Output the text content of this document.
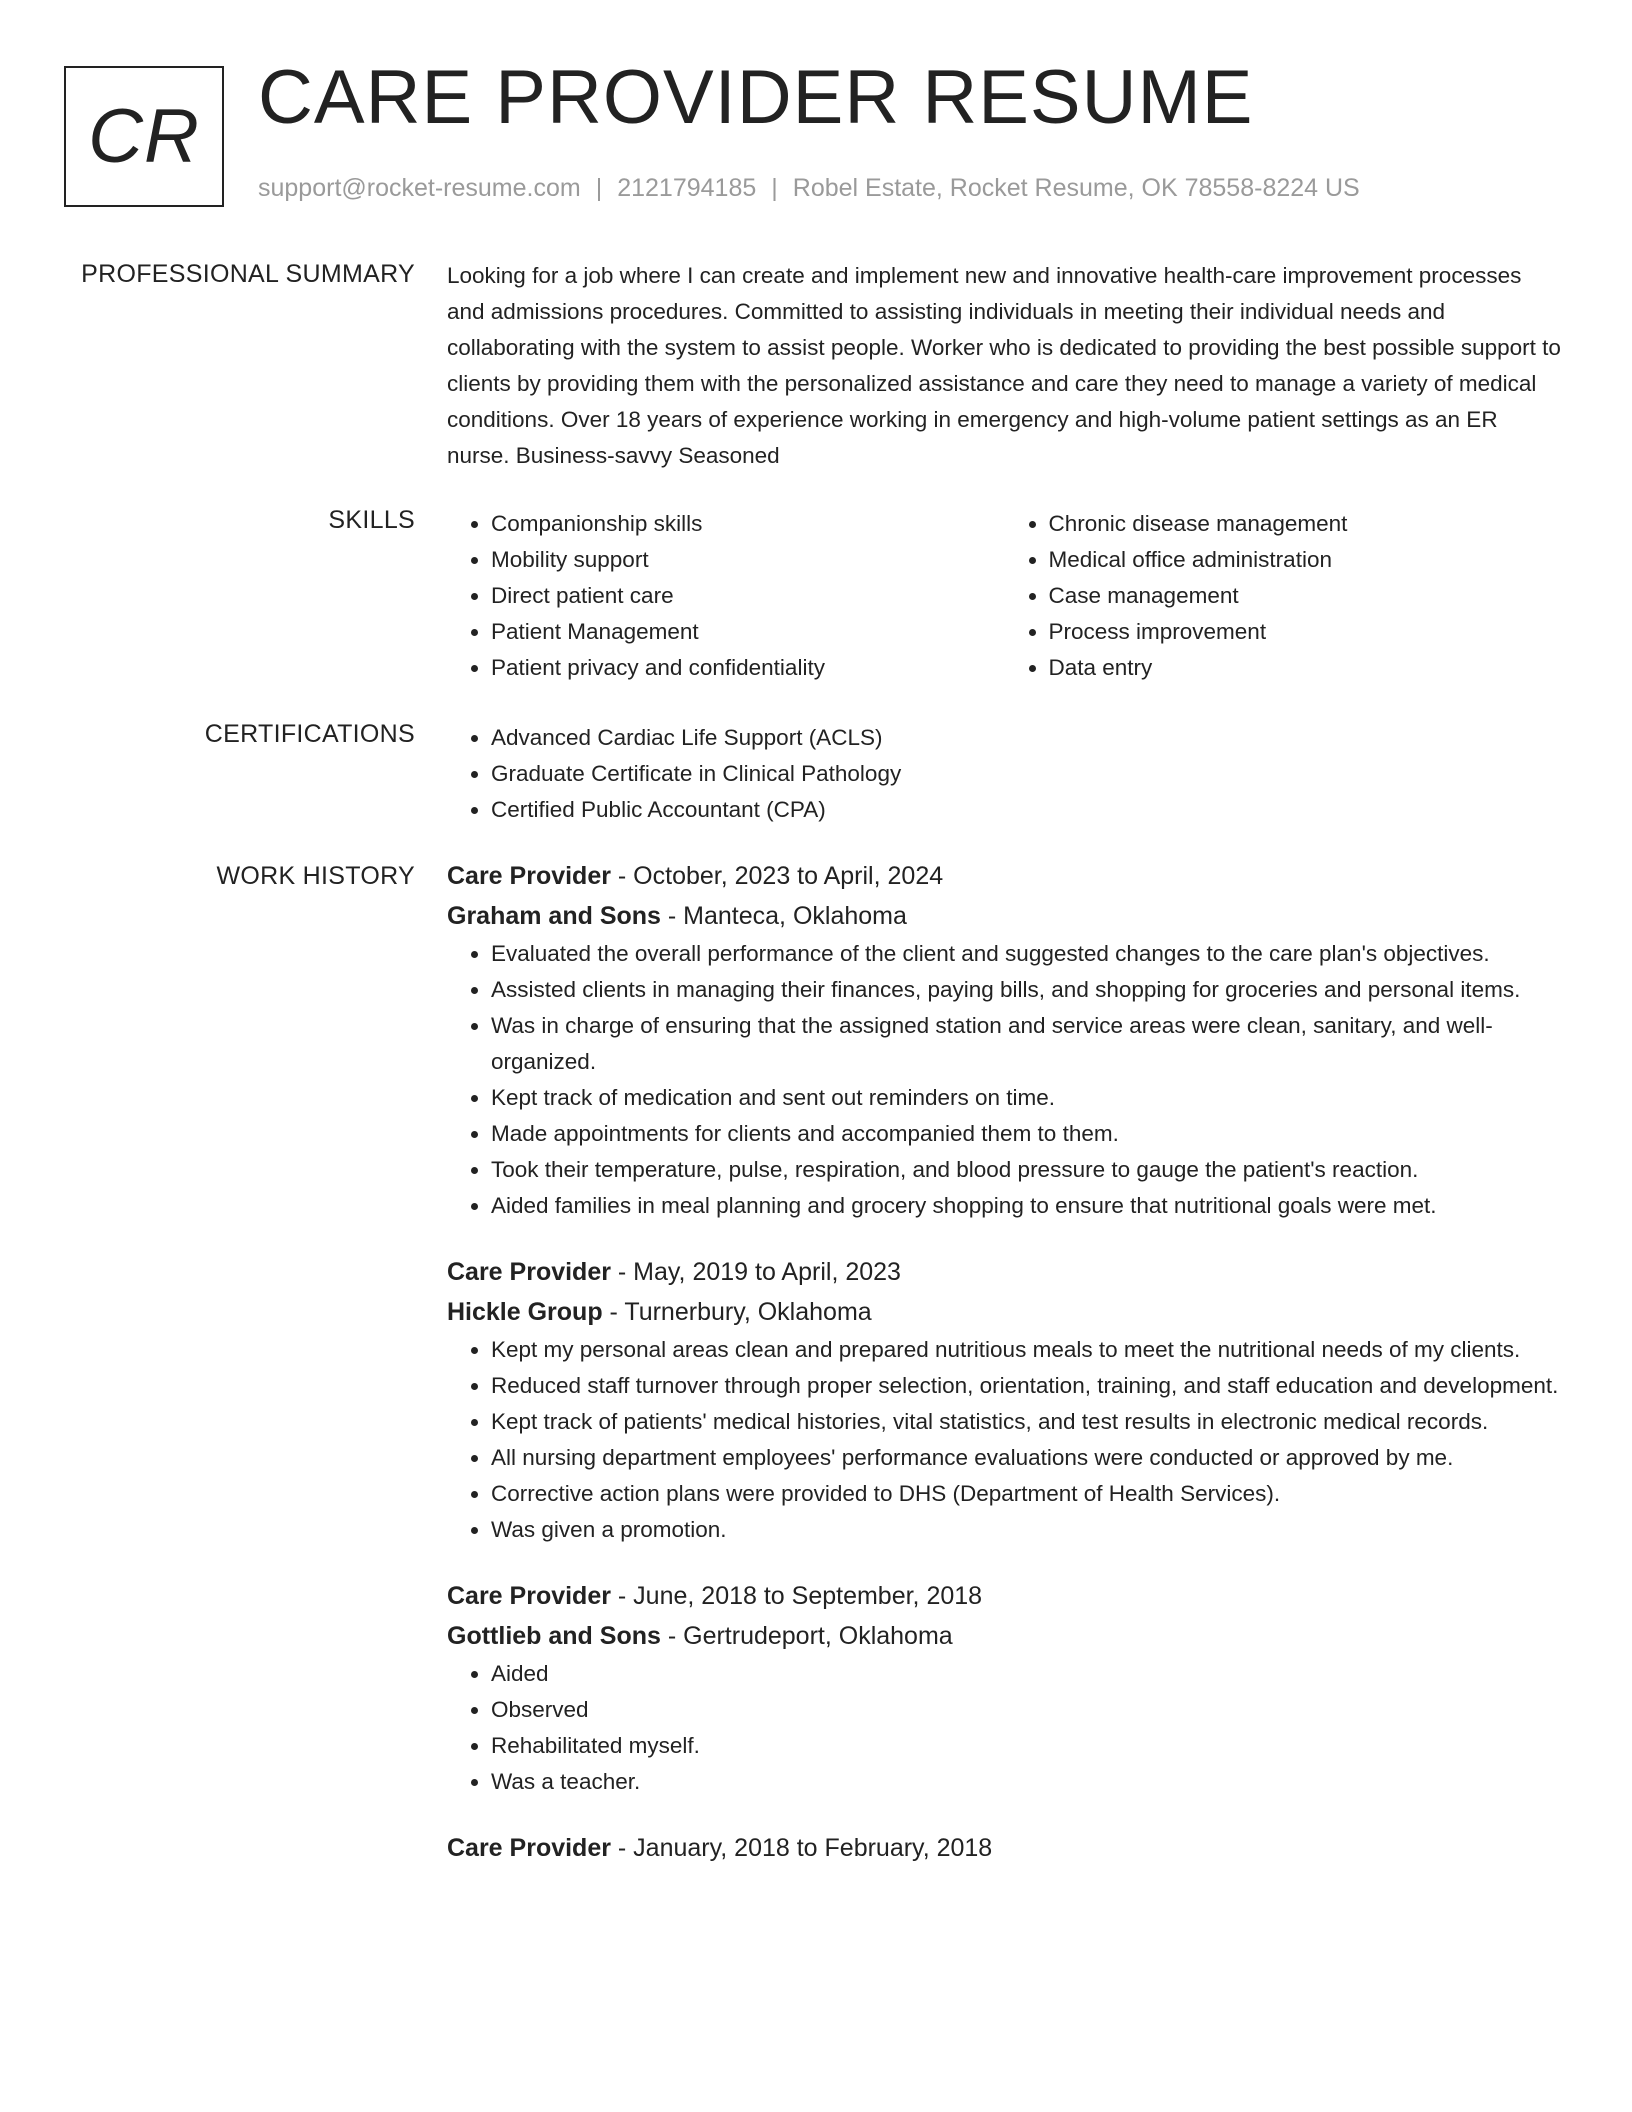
CR CARE PROVIDER RESUME
support@rocket-resume.com | 2121794185 | Robel Estate, Rocket Resume, OK 78558-8224 US
PROFESSIONAL SUMMARY Looking for a job where I can create and implement new and innovative health-care improvement processes and admissions procedures. Committed to assisting individuals in meeting their individual needs and collaborating with the system to assist people. Worker who is dedicated to providing the best possible support to clients by providing them with the personalized assistance and care they need to manage a variety of medical conditions. Over 18 years of experience working in emergency and high-volume patient settings as an ER nurse. Business-savvy Seasoned

SKILLS	• Companionship skills
• Mobility support
• Direct patient care
• Patient Management
• Patient privacy and confidentiality
• Chronic disease management
• Medical office administration
• Case management
• Process improvement
• Data entry
CERTIFICATIONS	• Advanced Cardiac Life Support (ACLS)
• Graduate Certificate in Clinical Pathology
• Certified Public Accountant (CPA)
WORK HISTORY Care Provider - October, 2023 to April, 2024
Graham and Sons - Manteca, Oklahoma
• Evaluated the overall performance of the client and suggested changes to the care plan's objectives.
• Assisted clients in managing their finances, paying bills, and shopping for groceries and personal items.
• Was in charge of ensuring that the assigned station and service areas were clean, sanitary, and well-organized.
• Kept track of medication and sent out reminders on time.
• Made appointments for clients and accompanied them to them.
• Took their temperature, pulse, respiration, and blood pressure to gauge the patient's reaction.
• Aided families in meal planning and grocery shopping to ensure that nutritional goals were met.
Care Provider - May, 2019 to April, 2023
Hickle Group - Turnerbury, Oklahoma
• Kept my personal areas clean and prepared nutritious meals to meet the nutritional needs of my clients.
• Reduced staff turnover through proper selection, orientation, training, and staff education and development.
• Kept track of patients' medical histories, vital statistics, and test results in electronic medical records.
• All nursing department employees' performance evaluations were conducted or approved by me.
• Corrective action plans were provided to DHS (Department of Health Services).
• Was given a promotion.
Care Provider - June, 2018 to September, 2018
Gottlieb and Sons - Gertrudeport, Oklahoma
• Aided
• Observed
• Rehabilitated myself.
• Was a teacher.
Care Provider - January, 2018 to February, 2018
